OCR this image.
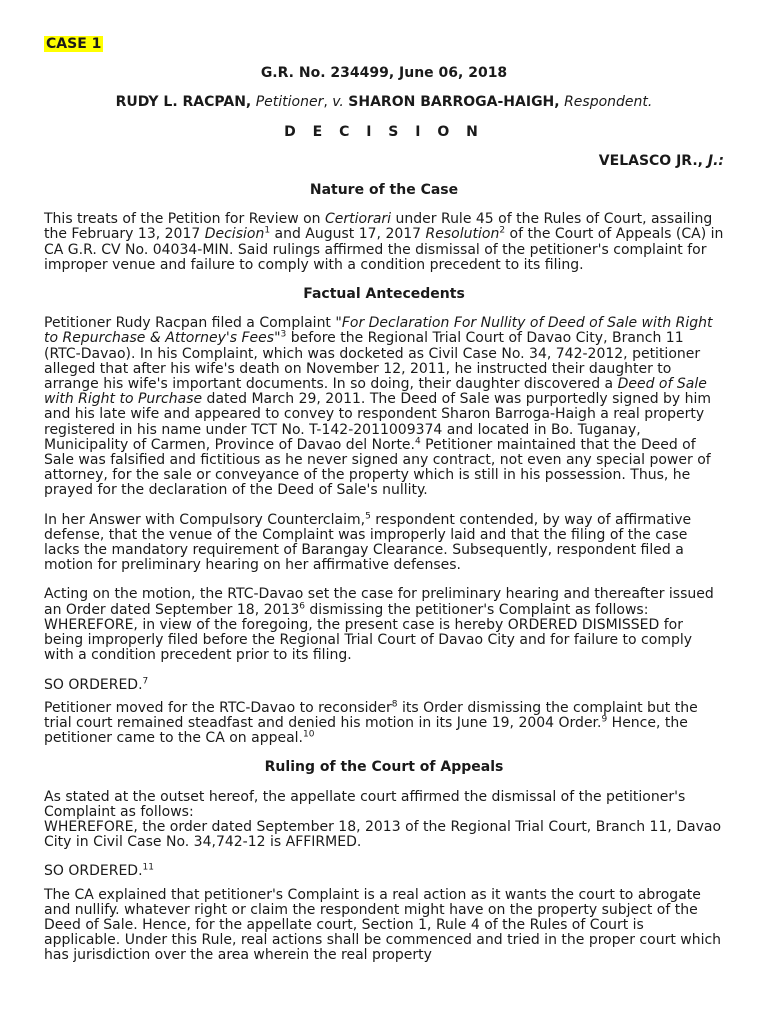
CASE 1
G.R. No. 234499, June 06, 2018
RUDY L. RACPAN, Petitioner, v. SHARON BARROGA-HAIGH, Respondent.
D E C I S I O N
VELASCO JR., J.:
Nature of the Case

This treats of the Petition for Review on Certiorari under Rule 45 of the Rules of Court, assailing the February 13, 2017 Decision$^1$ and August 17, 2017 Resolution$^2$ of the Court of Appeals (CA) in CA G.R. CV No. 04034-MIN. Said rulings affirmed the dismissal of the petitioner's complaint for improper venue and failure to comply with a condition precedent to its filing.

Factual Antecedents

Petitioner Rudy Racpan filed a Complaint "For Declaration For Nullity of Deed of Sale with Right to Repurchase & Attorney's Fees"$^3$ before the Regional Trial Court of Davao City, Branch 11 (RTC-Davao). In his Complaint, which was docketed as Civil Case No. 34, 742-2012, petitioner alleged that after his wife's death on November 12, 2011, he instructed their daughter to arrange his wife's important documents. In so doing, their daughter discovered a Deed of Sale with Right to Purchase dated March 29, 2011. The Deed of Sale was purportedly signed by him and his late wife and appeared to convey to respondent Sharon Barroga-Haigh a real property registered in his name under TCT No. T-142-2011009374 and located in Bo. Tuganay, Municipality of Carmen, Province of Davao del Norte.$^4$ Petitioner maintained that the Deed of Sale was falsified and fictitious as he never signed any contract, not even any special power of attorney, for the sale or conveyance of the property which is still in his possession. Thus, he prayed for the declaration of the Deed of Sale's nullity.

In her Answer with Compulsory Counterclaim,$^5$ respondent contended, by way of affirmative defense, that the venue of the Complaint was improperly laid and that the filing of the case lacks the mandatory requirement of Barangay Clearance. Subsequently, respondent filed a motion for preliminary hearing on her affirmative defenses.

Acting on the motion, the RTC-Davao set the case for preliminary hearing and thereafter issued an Order dated September 18, 2013$^6$ dismissing the petitioner's Complaint as follows:
WHEREFORE, in view of the foregoing, the present case is hereby ORDERED DISMISSED for being improperly filed before the Regional Trial Court of Davao City and for failure to comply with a condition precedent prior to its filing.

SO ORDERED.$^7$

Petitioner moved for the RTC-Davao to reconsider$^8$ its Order dismissing the complaint but the trial court remained steadfast and denied his motion in its June 19, 2004 Order.$^9$ Hence, the petitioner came to the CA on appeal.$^{10}$

Ruling of the Court of Appeals

As stated at the outset hereof, the appellate court affirmed the dismissal of the petitioner's Complaint as follows:
WHEREFORE, the order dated September 18, 2013 of the Regional Trial Court, Branch 11, Davao City in Civil Case No. 34,742-12 is AFFIRMED.

SO ORDERED.$^{11}$

The CA explained that petitioner's Complaint is a real action as it wants the court to abrogate and nullify. whatever right or claim the respondent might have on the property subject of the Deed of Sale. Hence, for the appellate court, Section 1, Rule 4 of the Rules of Court is applicable. Under this Rule, real actions shall be commenced and tried in the proper court which has jurisdiction over the area wherein the real property
